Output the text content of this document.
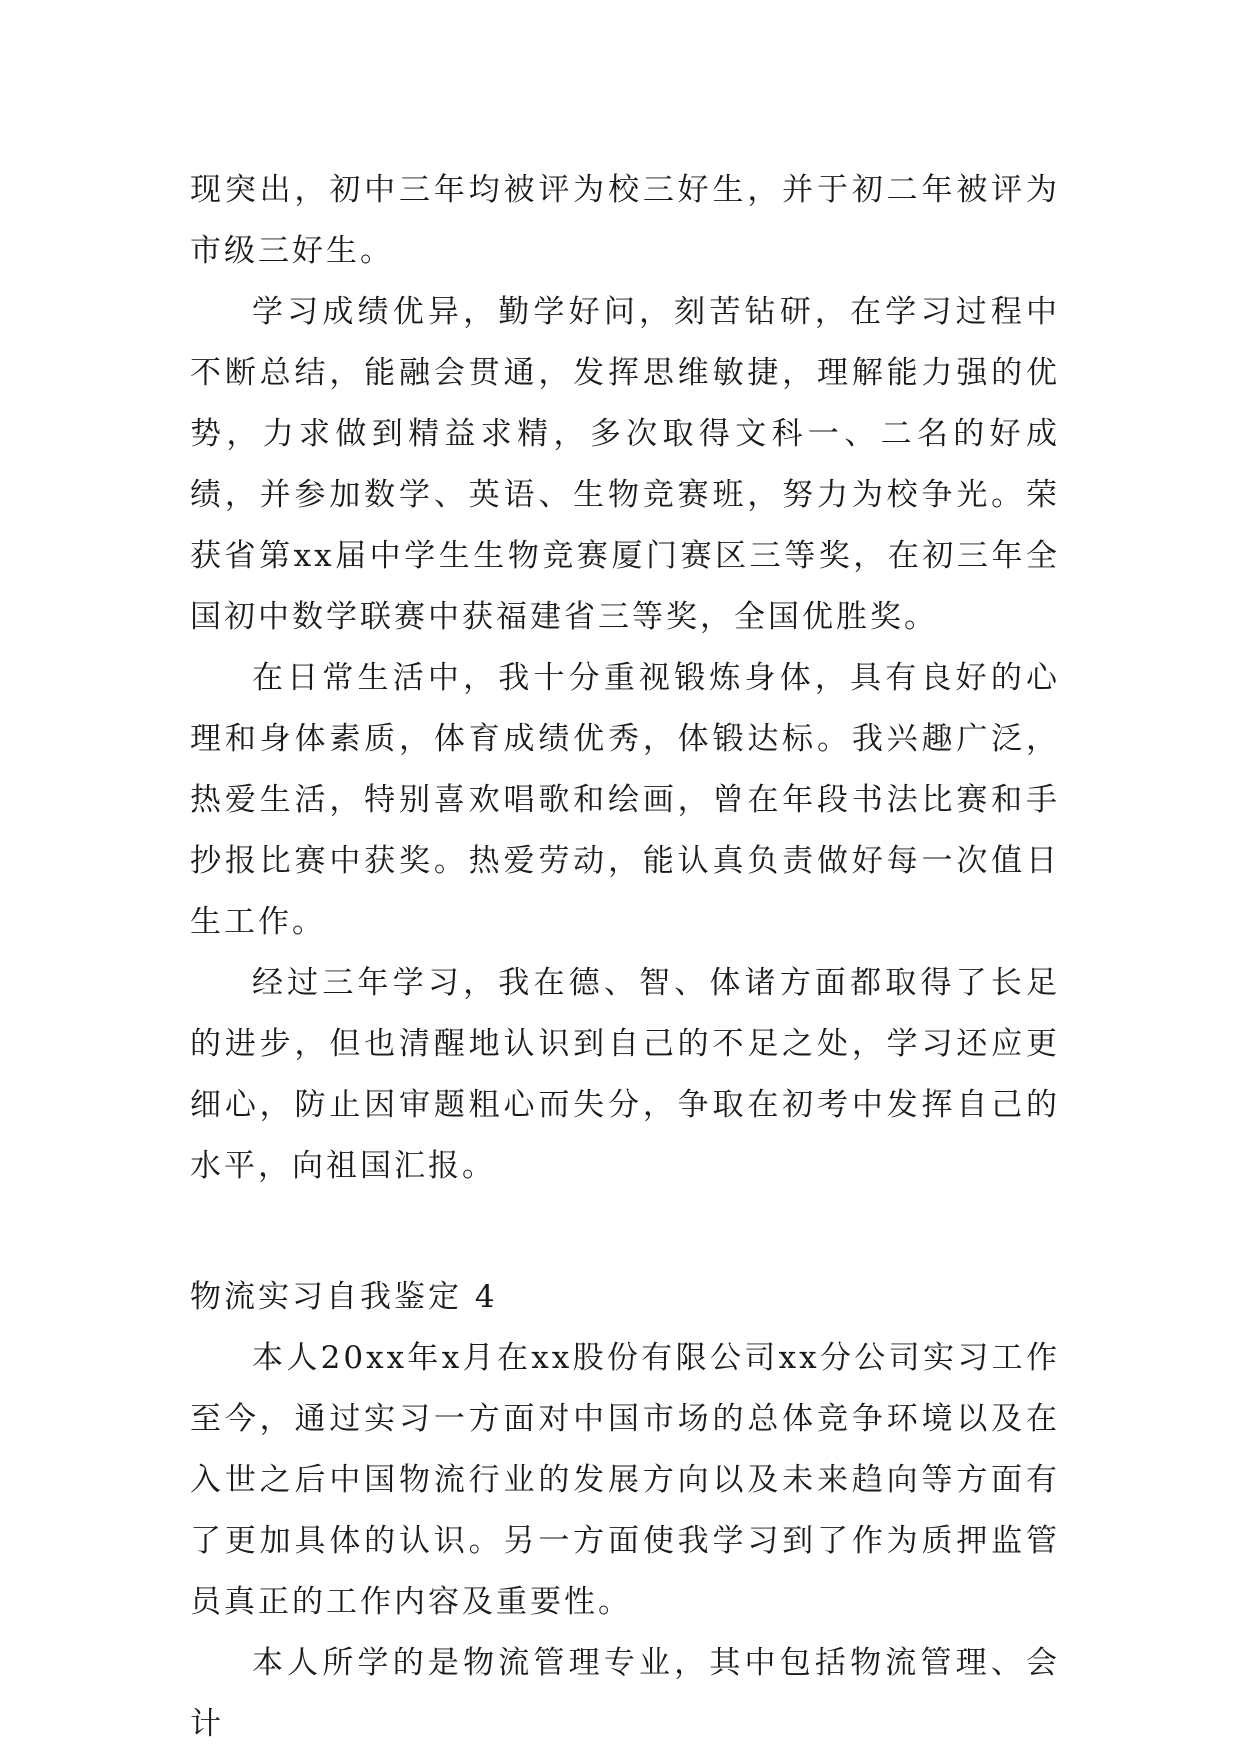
现突出，初中三年均被评为校三好生，并于初二年被评为市级三好生。

学习成绩优异，勤学好问，刻苦钻研，在学习过程中不断总结，能融会贯通，发挥思维敏捷，理解能力强的优势，力求做到精益求精，多次取得文科一、二名的好成绩，并参加数学、英语、生物竞赛班，努力为校争光。荣获省第xx届中学生生物竞赛厦门赛区三等奖，在初三年全国初中数学联赛中获福建省三等奖，全国优胜奖。

在日常生活中，我十分重视锻炼身体，具有良好的心理和身体素质，体育成绩优秀，体锻达标。我兴趣广泛，热爱生活，特别喜欢唱歌和绘画，曾在年段书法比赛和手抄报比赛中获奖。热爱劳动，能认真负责做好每一次值日生工作。

经过三年学习，我在德、智、体诸方面都取得了长足的进步，但也清醒地认识到自己的不足之处，学习还应更细心，防止因审题粗心而失分，争取在初考中发挥自己的水平，向祖国汇报。

物流实习自我鉴定 4

本人20xx年x月在xx股份有限公司xx分公司实习工作至今，通过实习一方面对中国市场的总体竞争环境以及在入世之后中国物流行业的发展方向以及未来趋向等方面有了更加具体的认识。另一方面使我学习到了作为质押监管员真正的工作内容及重要性。

本人所学的是物流管理专业，其中包括物流管理、会计
